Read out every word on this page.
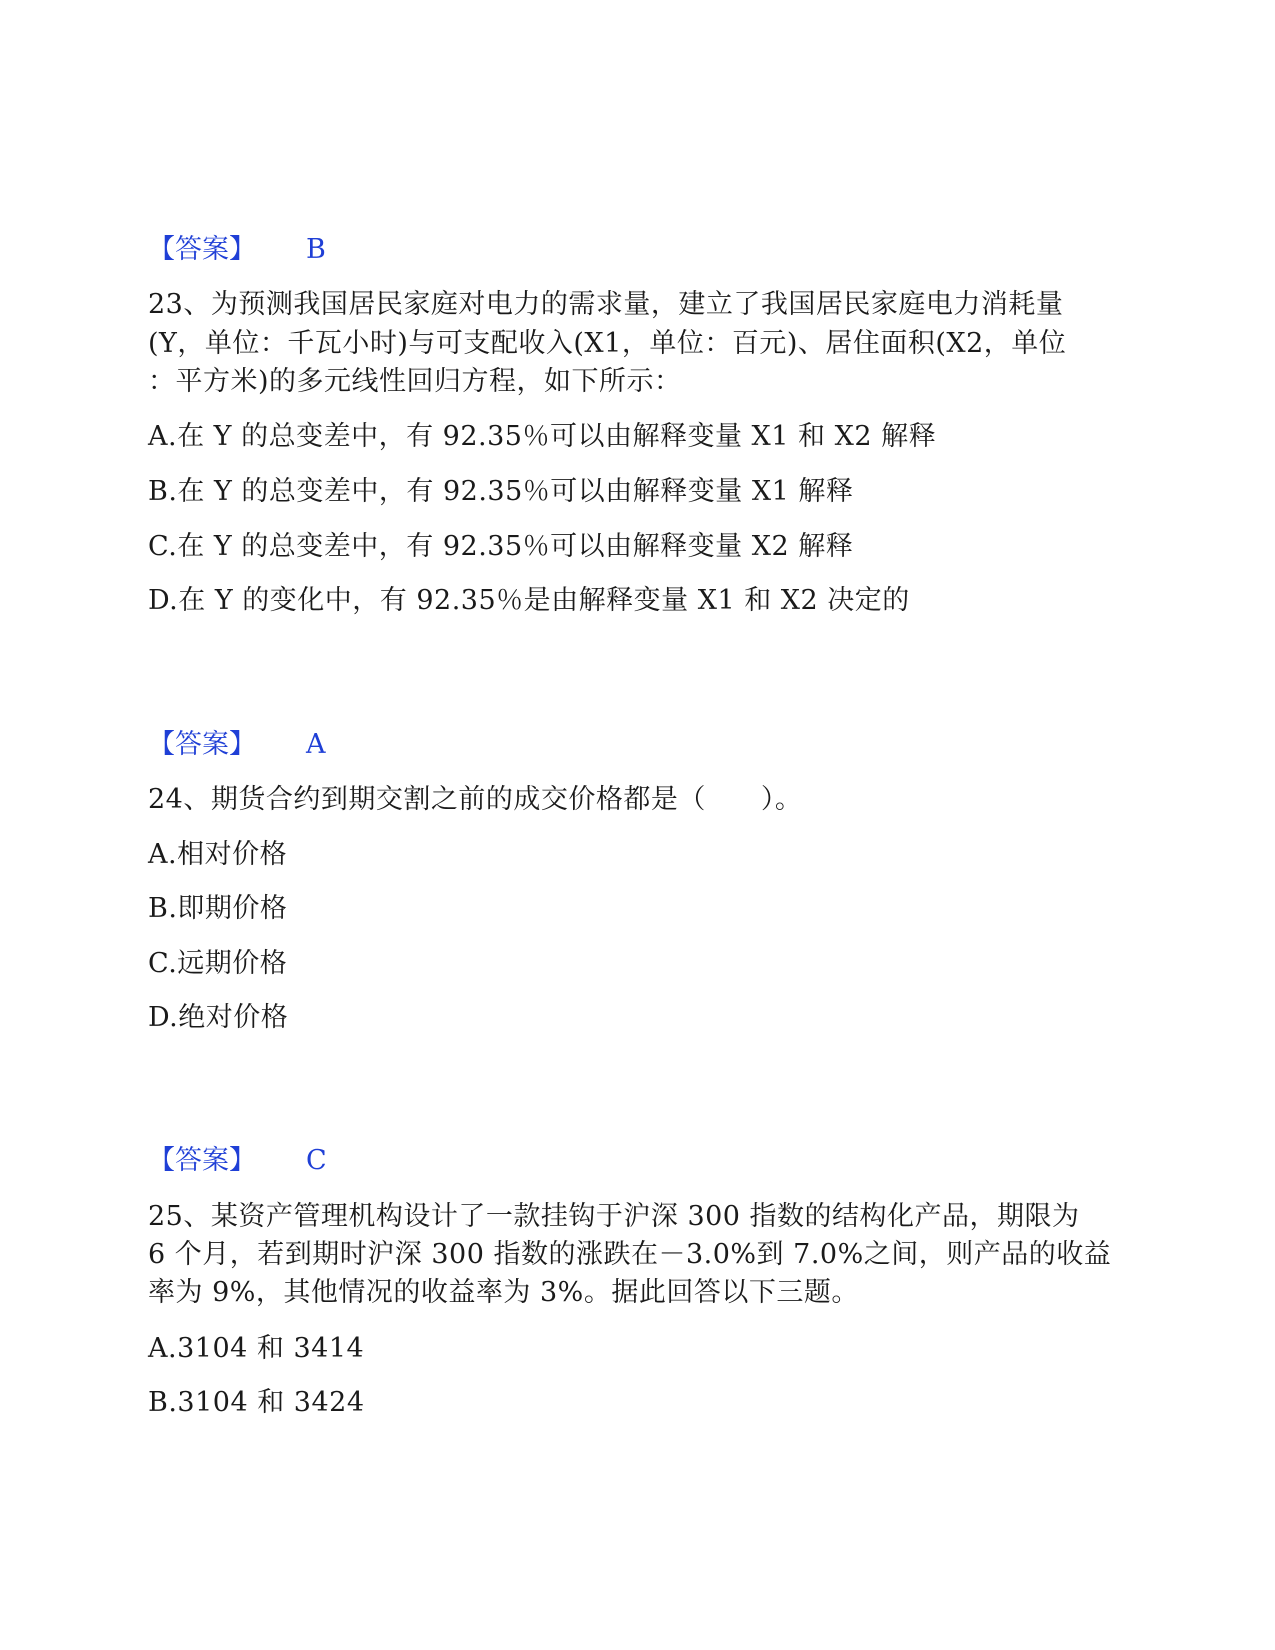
【答案】 B
23、为预测我国居民家庭对电力的需求量，建立了我国居民家庭电力消耗量
(Y，单位：千瓦小时)与可支配收入(X1，单位：百元)、居住面积(X2，单位
：平方米)的多元线性回归方程，如下所示：
A.在 Y 的总变差中，有 92.35％可以由解释变量 X1 和 X2 解释
B.在 Y 的总变差中，有 92.35％可以由解释变量 X1 解释
C.在 Y 的总变差中，有 92.35％可以由解释变量 X2 解释
D.在 Y 的变化中，有 92.35％是由解释变量 X1 和 X2 决定的
【答案】 A
24、期货合约到期交割之前的成交价格都是（　　）。
A.相对价格
B.即期价格
C.远期价格
D.绝对价格
【答案】 C
25、某资产管理机构设计了一款挂钩于沪深 300 指数的结构化产品，期限为
6 个月，若到期时沪深 300 指数的涨跌在－3.0%到 7.0%之间，则产品的收益
率为 9%，其他情况的收益率为 3%。据此回答以下三题。
A.3104 和 3414
B.3104 和 3424
